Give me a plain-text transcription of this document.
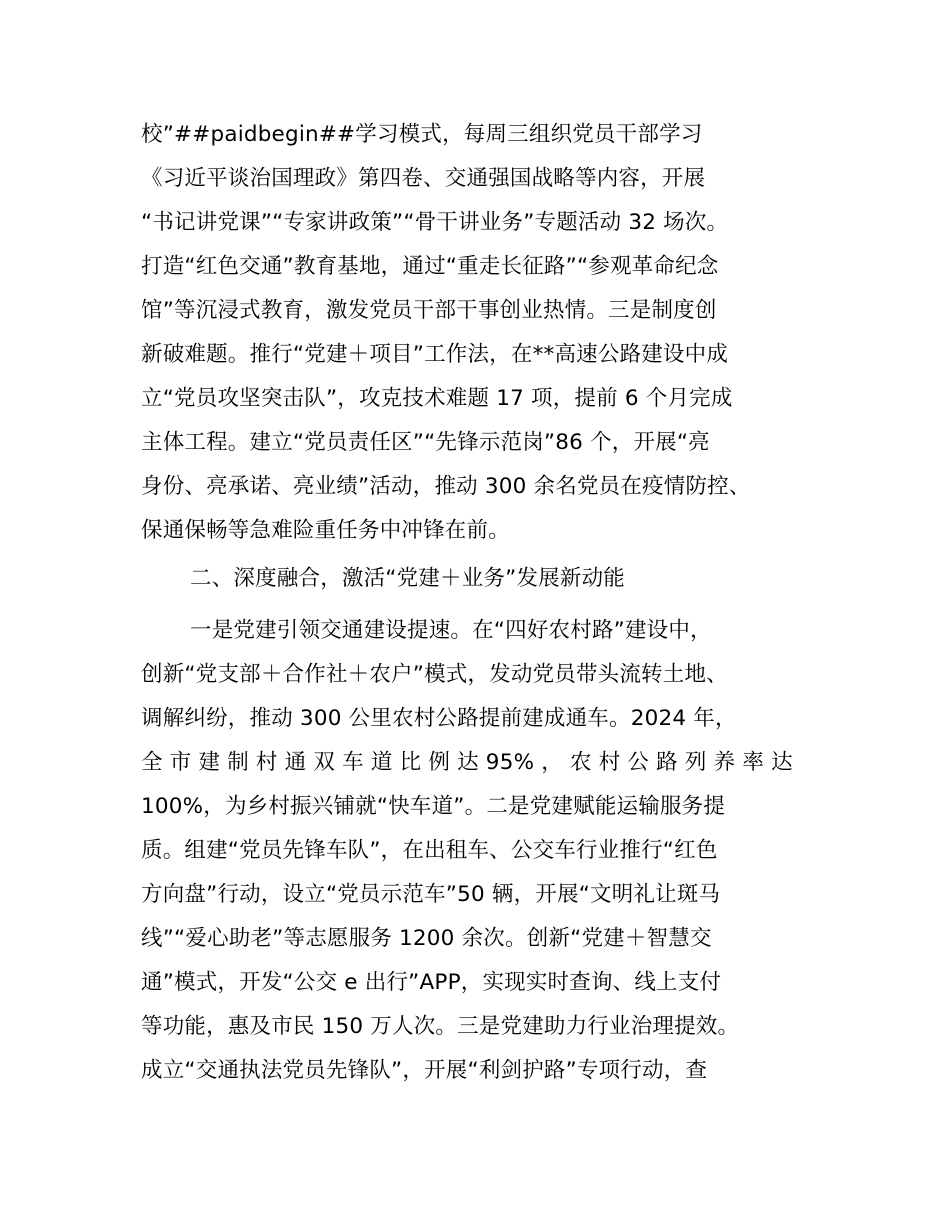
校”##paidbegin##学习模式，每周三组织党员干部学习
《习近平谈治国理政》第四卷、交通强国战略等内容，开展
“书记讲党课”“专家讲政策”“骨干讲业务”专题活动 32 场次。
打造“红色交通”教育基地，通过“重走长征路”“参观革命纪念
馆”等沉浸式教育，激发党员干部干事创业热情。三是制度创
新破难题。推行“党建＋项目”工作法，在**高速公路建设中成
立“党员攻坚突击队”，攻克技术难题 17 项，提前 6 个月完成
主体工程。建立“党员责任区”“先锋示范岗”86 个，开展“亮
身份、亮承诺、亮业绩”活动，推动 300 余名党员在疫情防控、
保通保畅等急难险重任务中冲锋在前。
二、深度融合，激活“党建＋业务”发展新动能
一是党建引领交通建设提速。在“四好农村路”建设中，
创新“党支部＋合作社＋农户”模式，发动党员带头流转土地、
调解纠纷，推动 300 公里农村公路提前建成通车。2024 年，
全 市 建 制 村 通 双 车 道 比 例 达 95% ， 农 村 公 路 列 养 率 达
100%，为乡村振兴铺就“快车道”。二是党建赋能运输服务提
质。组建“党员先锋车队”，在出租车、公交车行业推行“红色
方向盘”行动，设立“党员示范车”50 辆，开展“文明礼让斑马
线”“爱心助老”等志愿服务 1200 余次。创新“党建＋智慧交
通”模式，开发“公交 e 出行”APP，实现实时查询、线上支付
等功能，惠及市民 150 万人次。三是党建助力行业治理提效。
成立“交通执法党员先锋队”，开展“利剑护路”专项行动，查
